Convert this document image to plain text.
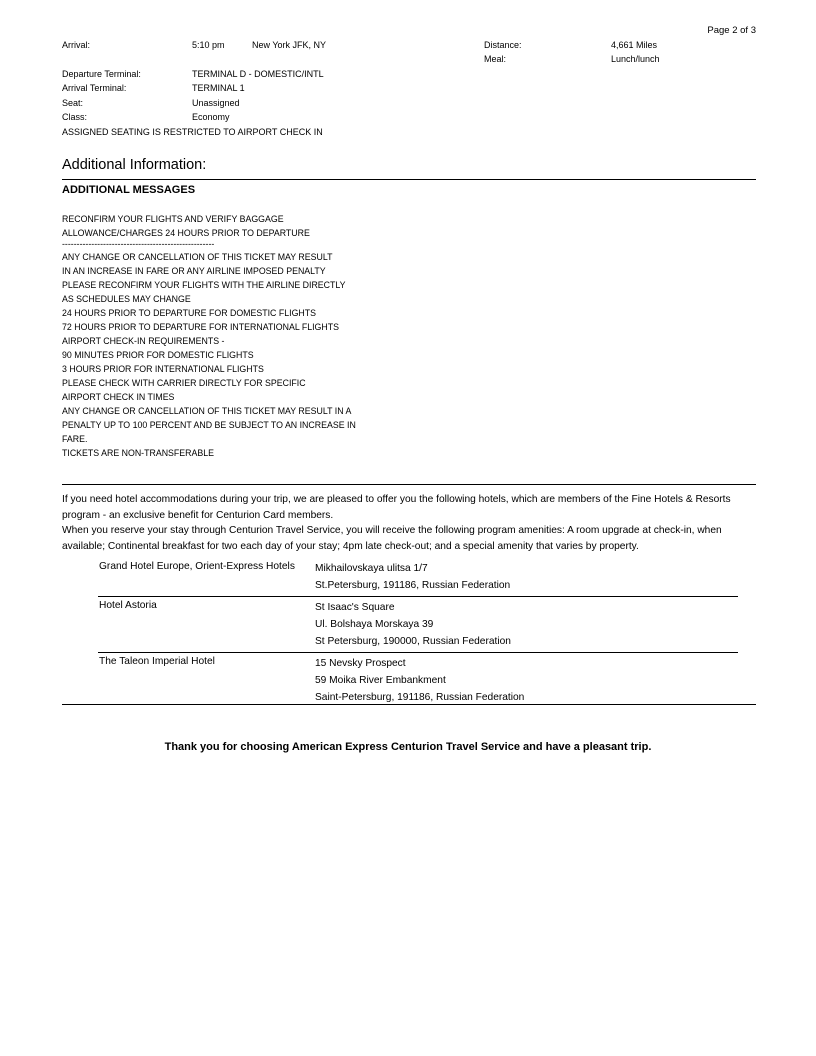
Page 2 of 3
Arrival:	5:10 pm	New York JFK, NY	Distance:	4,661 Miles
Meal:	Lunch/lunch
Departure Terminal:	TERMINAL D - DOMESTIC/INTL
Arrival Terminal:	TERMINAL 1
Seat:	Unassigned
Class:	Economy
ASSIGNED SEATING IS RESTRICTED TO AIRPORT CHECK IN
Additional Information:
ADDITIONAL MESSAGES
RECONFIRM YOUR FLIGHTS AND VERIFY BAGGAGE
ALLOWANCE/CHARGES 24 HOURS PRIOR TO DEPARTURE
----------------------------------------------------
ANY CHANGE OR CANCELLATION OF THIS TICKET MAY RESULT
IN AN INCREASE IN FARE OR ANY AIRLINE IMPOSED PENALTY
PLEASE RECONFIRM YOUR FLIGHTS WITH THE AIRLINE DIRECTLY
AS SCHEDULES MAY CHANGE
24 HOURS PRIOR TO DEPARTURE FOR DOMESTIC FLIGHTS
72 HOURS PRIOR TO DEPARTURE FOR INTERNATIONAL FLIGHTS
AIRPORT CHECK-IN REQUIREMENTS -
90 MINUTES PRIOR FOR DOMESTIC FLIGHTS
3 HOURS PRIOR FOR INTERNATIONAL FLIGHTS
PLEASE CHECK WITH CARRIER DIRECTLY FOR SPECIFIC
AIRPORT CHECK IN TIMES
ANY CHANGE OR CANCELLATION OF THIS TICKET MAY RESULT IN A
PENALTY UP TO 100 PERCENT AND BE SUBJECT TO AN INCREASE IN
FARE.
TICKETS ARE NON-TRANSFERABLE
If you need hotel accommodations during your trip, we are pleased to offer you the following hotels, which are members of the Fine Hotels & Resorts program - an exclusive benefit for Centurion Card members.
When you reserve your stay through Centurion Travel Service, you will receive the following program amenities: A room upgrade at check-in, when available; Continental breakfast for two each day of your stay; 4pm late check-out; and a special amenity that varies by property.
Grand Hotel Europe, Orient-Express Hotels	Mikhailovskaya ulitsa 1/7
St.Petersburg, 191186, Russian Federation
Hotel Astoria	St Isaac's Square
Ul. Bolshaya Morskaya 39
St Petersburg, 190000, Russian Federation
The Taleon Imperial Hotel	15 Nevsky Prospect
59 Moika River Embankment
Saint-Petersburg, 191186, Russian Federation
Thank you for choosing American Express Centurion Travel Service and have a pleasant trip.
